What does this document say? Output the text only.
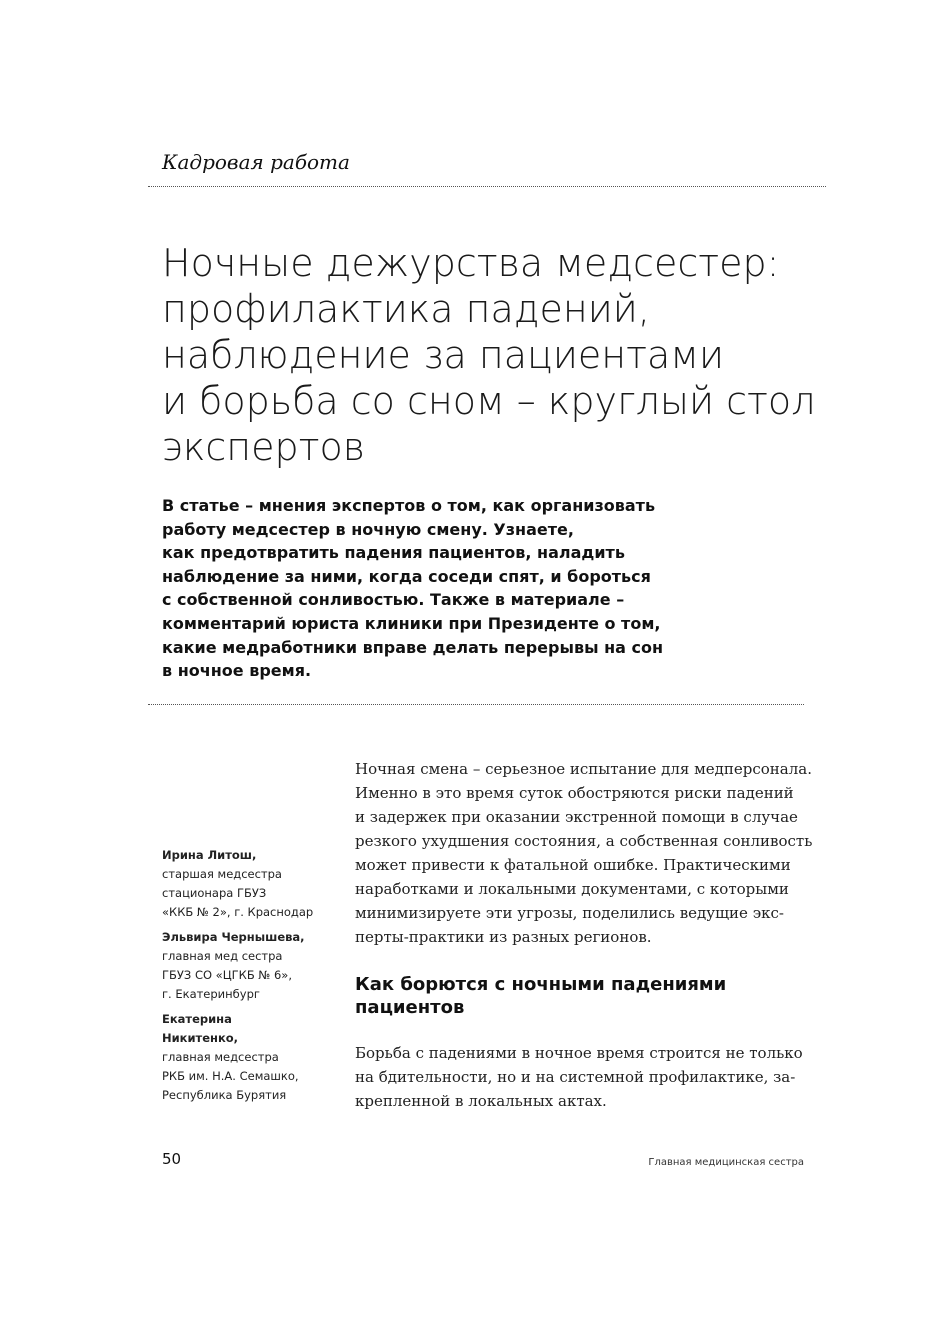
Кадровая работа
Ночные дежурства медсестер:
профилактика падений,
наблюдение за пациентами
и борьба со сном – круглый стол
экспертов

В статье – мнения экспертов о том, как организовать
работу медсестер в ночную смену. Узнаете,
как предотвратить падения пациентов, наладить
наблюдение за ними, когда соседи спят, и бороться
с собственной сонливостью. Также в материале –
комментарий юриста клиники при Президенте о том,
какие медработники вправе делать перерывы на сон
в ночное время.

Ночная смена – серьезное испытание для медперсонала.
Именно в это время суток обостряются риски падений
и задержек при оказании экстренной помощи в случае
резкого ухудшения состояния, а собственная сонливость
может привести к фатальной ошибке. Практическими
наработками и локальными документами, с которыми
минимизируете эти угрозы, поделились ведущие экс-
перты-практики из разных регионов.

Как борются с ночными падениями
пациентов

Борьба с падениями в ночное время строится не только
на бдительности, но и на системной профилактике, за-
крепленной в локальных актах.

Ирина Литош,
старшая медсестра
стационара ГБУЗ
«ККБ № 2», г. Краснодар
Эльвира Чернышева,
главная мед сестра
ГБУЗ СО «ЦГКБ № 6»,
г. Екатеринбург
Екатерина
Никитенко,
главная медсестра
РКБ им. Н.А. Семашко,
Республика Бурятия
50	Главная медицинская сестра
